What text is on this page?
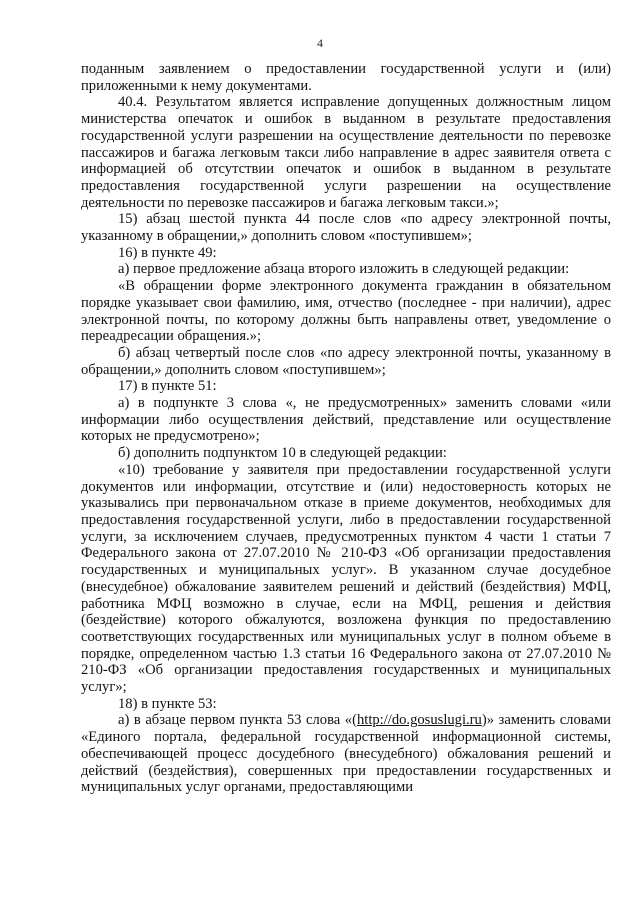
4

поданным заявлением о предоставлении государственной услуги и (или) приложенными к нему документами.

40.4. Результатом является исправление допущенных должностным лицом министерства опечаток и ошибок в выданном в результате предоставления государственной услуги разрешении на осуществление деятельности по перевозке пассажиров и багажа легковым такси либо направление в адрес заявителя ответа с информацией об отсутствии опечаток и ошибок в выданном в результате предоставления государственной услуги разрешении на осуществление деятельности по перевозке пассажиров и багажа легковым такси.»;

15) абзац шестой пункта 44 после слов «по адресу электронной почты, указанному в обращении,» дополнить словом «поступившем»;

16) в пункте 49:

а) первое предложение абзаца второго изложить в следующей редакции:

«В обращении форме электронного документа гражданин в обязательном порядке указывает свои фамилию, имя, отчество (последнее - при наличии), адрес электронной почты, по которому должны быть направлены ответ, уведомление о переадресации обращения.»;

б) абзац четвертый после слов «по адресу электронной почты, указанному в обращении,» дополнить словом «поступившем»;

17) в пункте 51:

а) в подпункте 3 слова «, не предусмотренных» заменить словами «или информации либо осуществления действий, представление или осуществление которых не предусмотрено»;

б) дополнить подпунктом 10 в следующей редакции:

«10) требование у заявителя при предоставлении государственной услуги документов или информации, отсутствие и (или) недостоверность которых не указывались при первоначальном отказе в приеме документов, необходимых для предоставления государственной услуги, либо в предоставлении государственной услуги, за исключением случаев, предусмотренных пунктом 4 части 1 статьи 7 Федерального закона от 27.07.2010 № 210-ФЗ «Об организации предоставления государственных и муниципальных услуг». В указанном случае досудебное (внесудебное) обжалование заявителем решений и действий (бездействия) МФЦ, работника МФЦ возможно в случае, если на МФЦ, решения и действия (бездействие) которого обжалуются, возложена функция по предоставлению соответствующих государственных или муниципальных услуг в полном объеме в порядке, определенном частью 1.3 статьи 16 Федерального закона от 27.07.2010 № 210-ФЗ «Об организации предоставления государственных и муниципальных услуг»;

18) в пункте 53:

а) в абзаце первом пункта 53 слова «(http://do.gosuslugi.ru)» заменить словами «Единого портала, федеральной государственной информационной системы, обеспечивающей процесс досудебного (внесудебного) обжалования решений и действий (бездействия), совершенных при предоставлении государственных и муниципальных услуг органами, предоставляющими
